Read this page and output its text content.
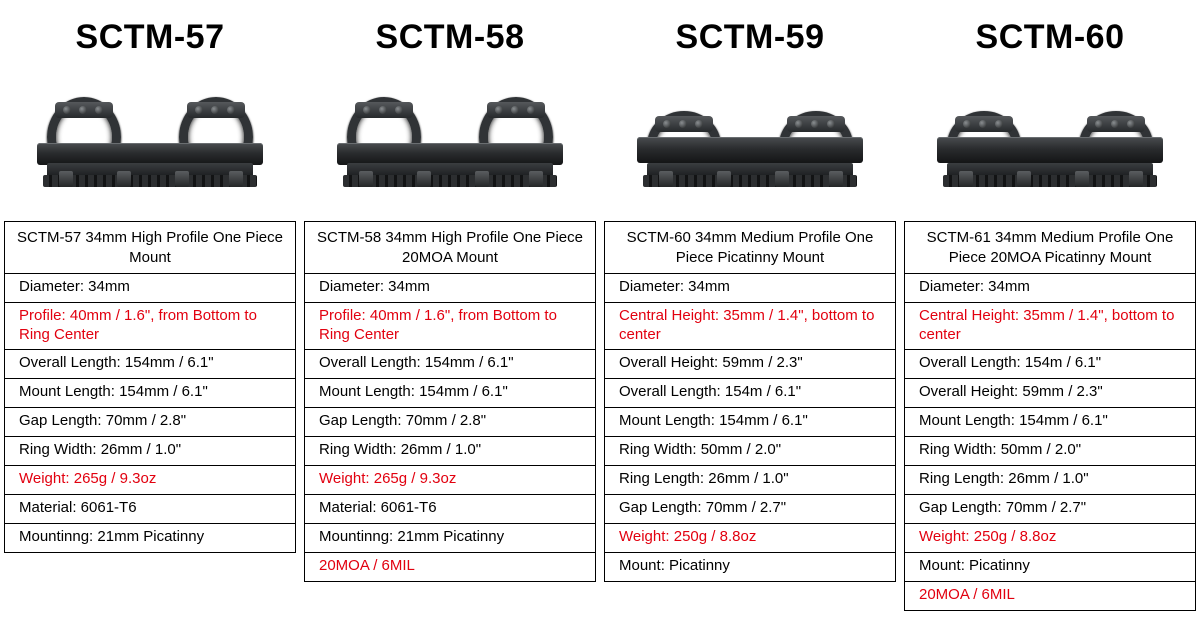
SCTM-57
SCTM-57 34mm High Profile One Piece Mount
Diameter: 34mm
Profile: 40mm / 1.6", from Bottom to Ring Center
Overall Length: 154mm / 6.1"
Mount Length: 154mm / 6.1"
Gap Length: 70mm / 2.8"
Ring Width: 26mm / 1.0"
Weight: 265g / 9.3oz
Material: 6061-T6
Mountinng: 21mm Picatinny
SCTM-58
SCTM-58 34mm High Profile One Piece 20MOA Mount
Diameter: 34mm
Profile: 40mm / 1.6", from Bottom to Ring Center
Overall Length: 154mm / 6.1"
Mount Length: 154mm / 6.1"
Gap Length: 70mm / 2.8"
Ring Width: 26mm / 1.0"
Weight: 265g / 9.3oz
Material: 6061-T6
Mountinng: 21mm Picatinny
20MOA / 6MIL
SCTM-59
SCTM-60 34mm Medium Profile One Piece Picatinny Mount
Diameter: 34mm
Central Height: 35mm / 1.4", bottom to center
Overall Height: 59mm / 2.3"
Overall Length: 154m / 6.1"
Mount Length: 154mm / 6.1"
Ring Width: 50mm / 2.0"
Ring Length: 26mm / 1.0"
Gap Length: 70mm / 2.7"
Weight: 250g / 8.8oz
Mount: Picatinny
SCTM-60
SCTM-61 34mm Medium Profile One Piece 20MOA Picatinny Mount
Diameter: 34mm
Central Height: 35mm / 1.4", bottom to center
Overall Length: 154m / 6.1"
Overall Height: 59mm / 2.3"
Mount Length: 154mm / 6.1"
Ring Width: 50mm / 2.0"
Ring Length: 26mm / 1.0"
Gap Length: 70mm / 2.7"
Weight: 250g / 8.8oz
Mount: Picatinny
20MOA / 6MIL
